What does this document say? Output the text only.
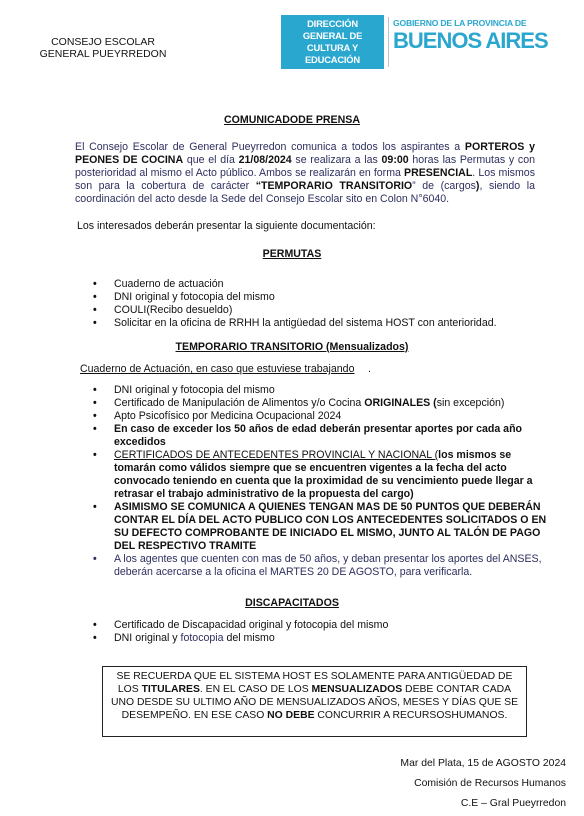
CONSEJO ESCOLAR
GENERAL PUEYRREDON
DIRECCIÓN GENERAL DE
CULTURA Y EDUCACIÓN
GOBIERNO DE LA PROVINCIA DE
BUENOS AIRES
COMUNICADODE PRENSA
El Consejo Escolar de General Pueyrredon comunica a todos los aspirantes a PORTEROS y PEONES DE COCINA que el día 21/08/2024 se realizara a las 09:00 horas las Permutas y con posterioridad al mismo el Acto público. Ambos se realizarán en forma PRESENCIAL. Los mismos son para la cobertura de carácter “TEMPORARIO TRANSITORIO” de (cargos), siendo la coordinación del acto desde la Sede del Consejo Escolar sito en Colon N°6040.
Los interesados deberán presentar la siguiente documentación:
PERMUTAS
• Cuaderno de actuación
• DNI original y fotocopia del mismo
• COULI(Recibo desueldo)
• Solicitar en la oficina de RRHH la antigüedad del sistema HOST con anterioridad.
TEMPORARIO TRANSITORIO (Mensualizados)
Cuaderno de Actuación, en caso que estuviese trabajando .
• DNI original y fotocopia del mismo
• Certificado de Manipulación de Alimentos y/o Cocina ORIGINALES (sin excepción)
• Apto Psicofísico por Medicina Ocupacional 2024
• En caso de exceder los 50 años de edad deberán presentar aportes por cada año excedidos
• CERTIFICADOS DE ANTECEDENTES PROVINCIAL Y NACIONAL (los mismos se tomarán como válidos siempre que se encuentren vigentes a la fecha del acto convocado teniendo en cuenta que la proximidad de su vencimiento puede llegar a retrasar el trabajo administrativo de la propuesta del cargo)
• ASIMISMO SE COMUNICA A QUIENES TENGAN MAS DE 50 PUNTOS QUE DEBERÁN CONTAR EL DÍA DEL ACTO PUBLICO CON LOS ANTECEDENTES SOLICITADOS O EN SU DEFECTO COMPROBANTE DE INICIADO EL MISMO, JUNTO AL TALÓN DE PAGO DEL RESPECTIVO TRAMITE
• A los agentes que cuenten con mas de 50 años, y deban presentar los aportes del ANSES, deberán acercarse a la oficina el MARTES 20 DE AGOSTO, para verificarla.
DISCAPACITADOS
• Certificado de Discapacidad original y fotocopia del mismo
• DNI original y fotocopia del mismo
SE RECUERDA QUE EL SISTEMA HOST ES SOLAMENTE PARA ANTIGÜEDAD DE LOS TITULARES. EN EL CASO DE LOS MENSUALIZADOS DEBE CONTAR CADA UNO DESDE SU ULTIMO AÑO DE MENSUALIZADOS AÑOS, MESES Y DÍAS QUE SE DESEMPEÑO. EN ESE CASO NO DEBE CONCURRIR A RECURSOSHUMANOS.
Mar del Plata, 15 de AGOSTO 2024
Comisión de Recursos Humanos
C.E – Gral Pueyrredon
